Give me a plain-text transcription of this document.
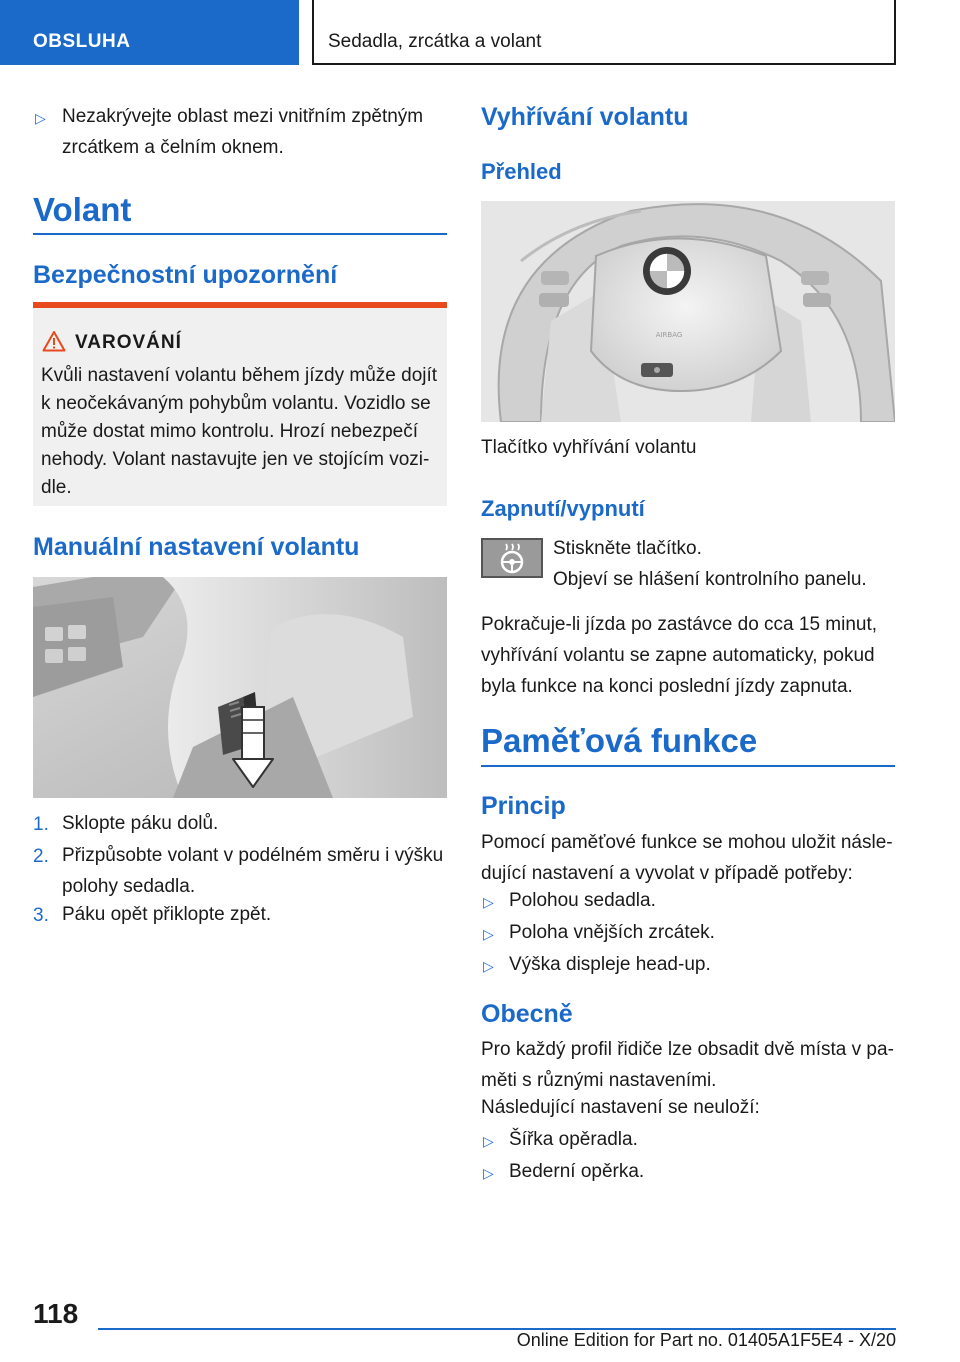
OBSLUHA	Sedadla, zrcátka a volant
▷ Nezakrývejte oblast mezi vnitřním zpětným zrcátkem a čelním oknem.
Volant
Bezpečnostní upozornění
VAROVÁNÍ
Kvůli nastavení volantu během jízdy může dojít k neočekávaným pohybům volantu. Vozidlo se může dostat mimo kontrolu. Hrozí nebezpečí nehody. Volant nastavujte jen ve stojícím vozi-dle.
Manuální nastavení volantu
1. Sklopte páku dolů.
2. Přizpůsobte volant v podélném směru i výšku polohy sedadla.
3. Páku opět přiklopte zpět.
Vyhřívání volantu
Přehled
AIRBAG
Tlačítko vyhřívání volantu
Zapnutí/vypnutí
Stiskněte tlačítko.
Objeví se hlášení kontrolního panelu.
Pokračuje-li jízda po zastávce do cca 15 minut, vyhřívání volantu se zapne automaticky, pokud byla funkce na konci poslední jízdy zapnuta.
Paměťová funkce
Princip
Pomocí paměťové funkce se mohou uložit násle-dující nastavení a vyvolat v případě potřeby:
▷ Polohou sedadla.
▷ Poloha vnějších zrcátek.
▷ Výška displeje head-up.
Obecně
Pro každý profil řidiče lze obsadit dvě místa v pa-měti s různými nastaveními.
Následující nastavení se neuloží:
▷ Šířka opěradla.
▷ Bederní opěrka.
118
Online Edition for Part no. 01405A1F5E4 - X/20
